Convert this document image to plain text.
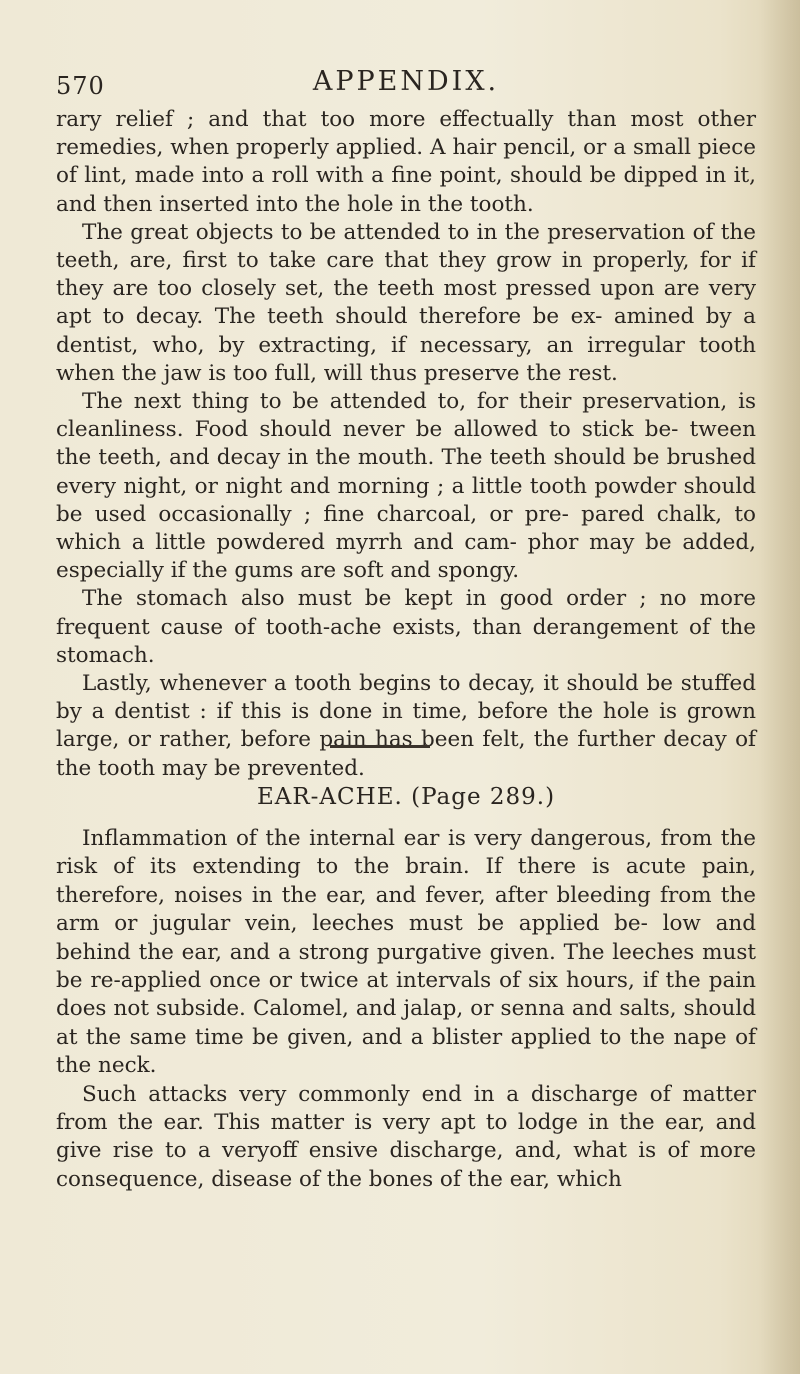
570	APPENDIX.

rary relief ; and that too more effectually than most other remedies, when properly applied. A hair pencil, or a small piece of lint, made into a roll with a fine point, should be dipped in it, and then inserted into the hole in the tooth.

The great objects to be attended to in the preservation of the teeth, are, first to take care that they grow in properly, for if they are too closely set, the teeth most pressed upon are very apt to decay. The teeth should therefore be ex- amined by a dentist, who, by extracting, if necessary, an irregular tooth when the jaw is too full, will thus preserve the rest.

The next thing to be attended to, for their preservation, is cleanliness. Food should never be allowed to stick be- tween the teeth, and decay in the mouth. The teeth should be brushed every night, or night and morning ; a little tooth powder should be used occasionally ; fine charcoal, or pre- pared chalk, to which a little powdered myrrh and cam- phor may be added, especially if the gums are soft and spongy.

The stomach also must be kept in good order ; no more frequent cause of tooth-ache exists, than derangement of the stomach.

Lastly, whenever a tooth begins to decay, it should be stuffed by a dentist : if this is done in time, before the hole is grown large, or rather, before pain has been felt, the further decay of the tooth may be prevented.

EAR-ACHE. (Page 289.)

Inflammation of the internal ear is very dangerous, from the risk of its extending to the brain. If there is acute pain, therefore, noises in the ear, and fever, after bleeding from the arm or jugular vein, leeches must be applied be- low and behind the ear, and a strong purgative given. The leeches must be re-applied once or twice at intervals of six hours, if the pain does not subside. Calomel, and jalap, or senna and salts, should at the same time be given, and a blister applied to the nape of the neck.

Such attacks very commonly end in a discharge of matter from the ear. This matter is very apt to lodge in the ear, and give rise to a veryoff ensive discharge, and, what is of more consequence, disease of the bones of the ear, which
